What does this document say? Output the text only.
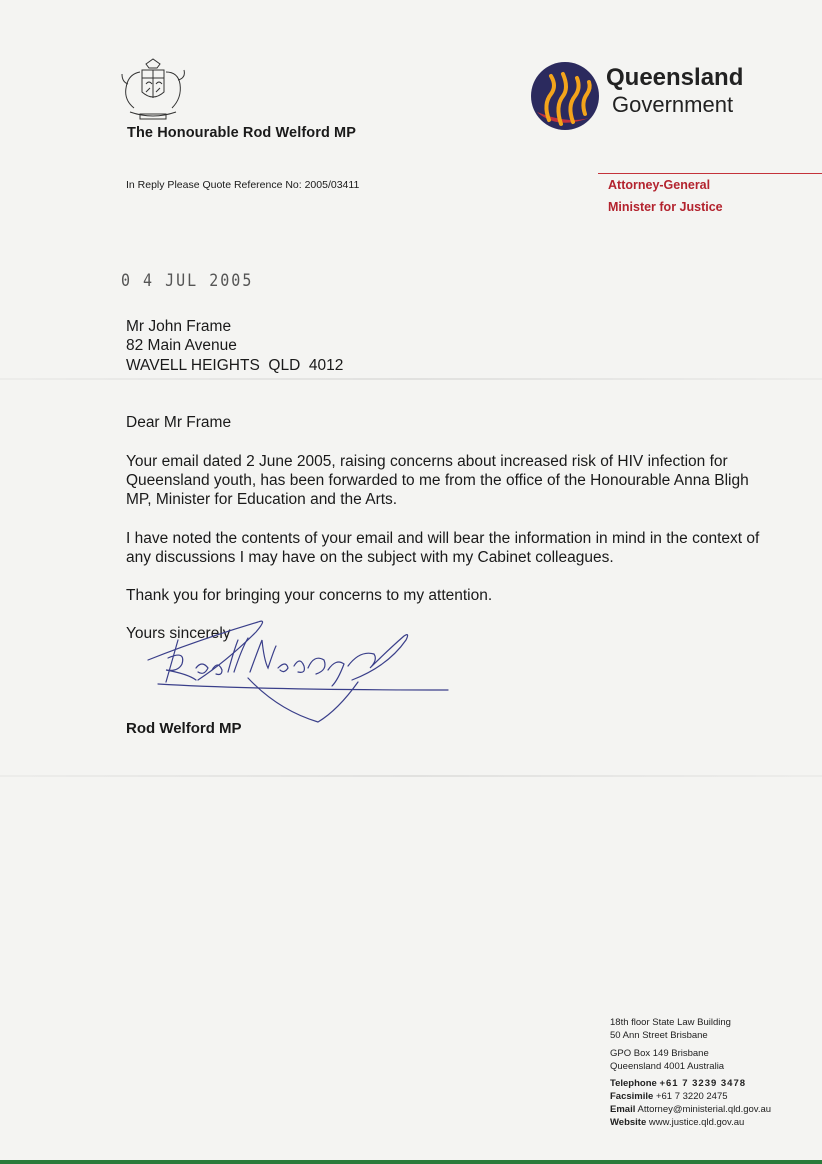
The Honourable Rod Welford MP
Queensland
Government
Attorney-General
Minister for Justice
In Reply Please Quote Reference No: 2005/03411
0 4 JUL 2005
Mr John Frame
82 Main Avenue
WAVELL HEIGHTS  QLD  4012
Dear Mr Frame
Your email dated 2 June 2005, raising concerns about increased risk of HIV infection for Queensland youth, has been forwarded to me from the office of the Honourable Anna Bligh MP, Minister for Education and the Arts.
I have noted the contents of your email and will bear the information in mind in the context of any discussions I may have on the subject with my Cabinet colleagues.
Thank you for bringing your concerns to my attention.
Yours sincerely
Rod Welford MP
18th floor State Law Building
50 Ann Street Brisbane
GPO Box 149 Brisbane
Queensland 4001 Australia
Telephone +61 7 3239 3478
Facsimile +61 7 3220 2475
Email Attorney@ministerial.qld.gov.au
Website www.justice.qld.gov.au
